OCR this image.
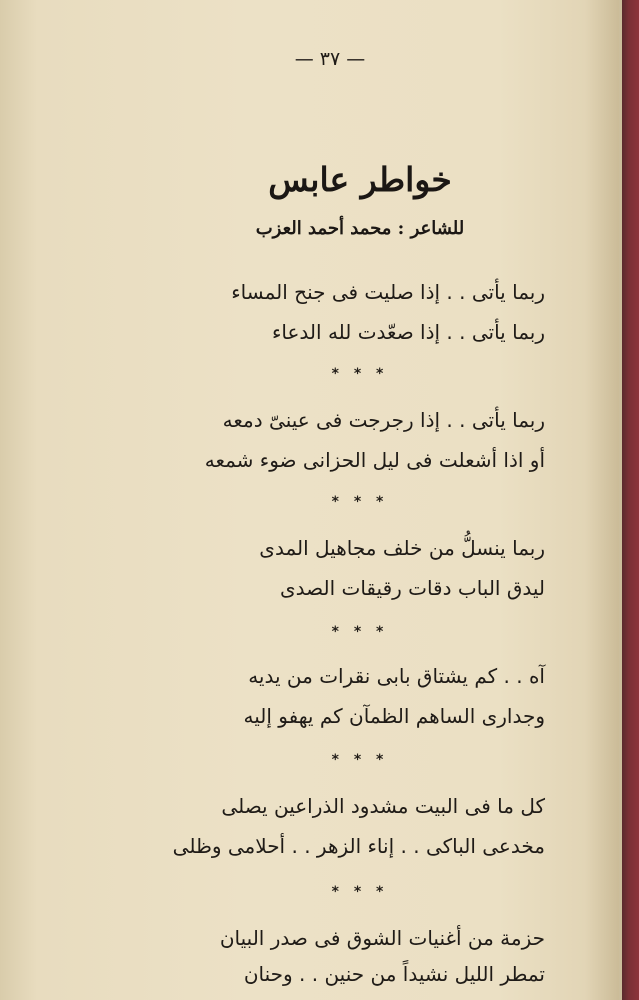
— ٣٧ —
خواطر عابس
للشاعر : محمد أحمد العزب
ربما يأتى . . إذا صليت فى جنح المساء
ربما يأتى . . إذا صعّدت لله الدعاء
* * *
ربما يأتى . . إذا رجرجت فى عينىّ دمعه
أو اذا أشعلت فى ليل الحزانى ضوء شمعه
* * *
ربما ينسلُّ من خلف مجاهيل المدى
ليدق الباب دقات رقيقات الصدى
* * *
آه . . كم يشتاق بابى نقرات من يديه
وجدارى الساهم الظمآن كم يهفو إليه
* * *
كل ما فى البيت مشدود الذراعين يصلى
مخدعى الباكى . . إناء الزهر . . أحلامى وظلى
* * *
حزمة من أغنيات الشوق فى صدر البيان
تمطر الليل نشيداً من حنين . . وحنان
